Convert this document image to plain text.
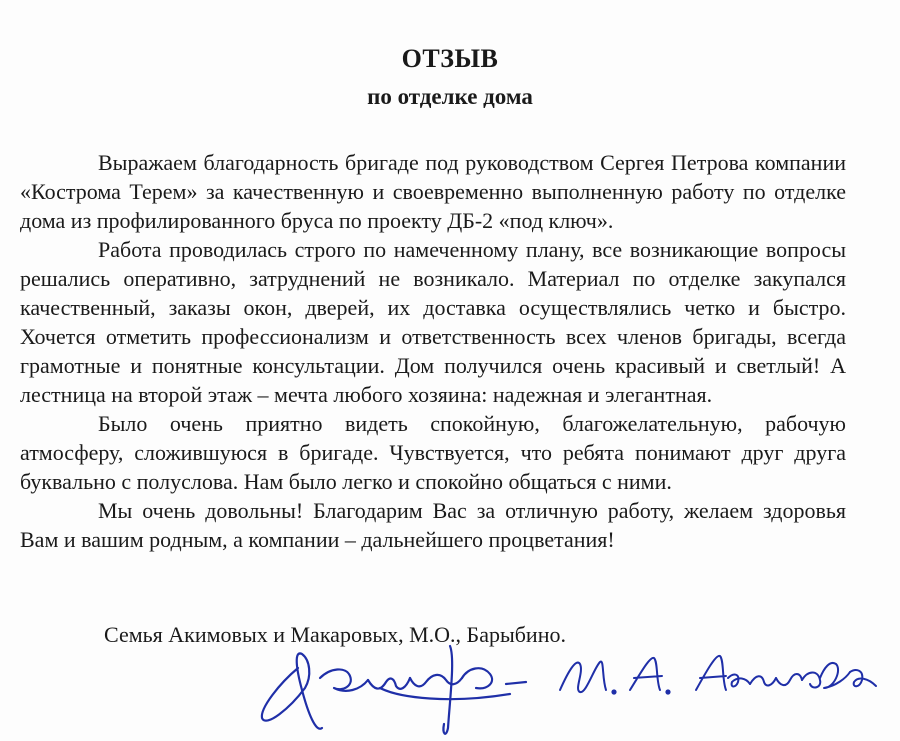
ОТЗЫВ
по отделке дома

Выражаем благодарность бригаде под руководством Сергея Петрова компании «Кострома Терем» за качественную и своевременно выполненную работу по отделке дома из профилированного бруса по проекту ДБ-2 «под ключ».

Работа проводилась строго по намеченному плану, все возникающие вопросы решались оперативно, затруднений не возникало. Материал по отделке закупался качественный, заказы окон, дверей, их доставка осуществлялись четко и быстро. Хочется отметить профессионализм и ответственность всех членов бригады, всегда грамотные и понятные консультации. Дом получился очень красивый и светлый! А лестница на второй этаж – мечта любого хозяина: надежная и элегантная.

Было очень приятно видеть спокойную, благожелательную, рабочую атмосферу, сложившуюся в бригаде. Чувствуется, что ребята понимают друг друга буквально с полуслова. Нам было легко и спокойно общаться с ними.

Мы очень довольны! Благодарим Вас за отличную работу, желаем здоровья Вам и вашим родным, а компании – дальнейшего процветания!

Семья Акимовых и Макаровых, М.О., Барыбино.
